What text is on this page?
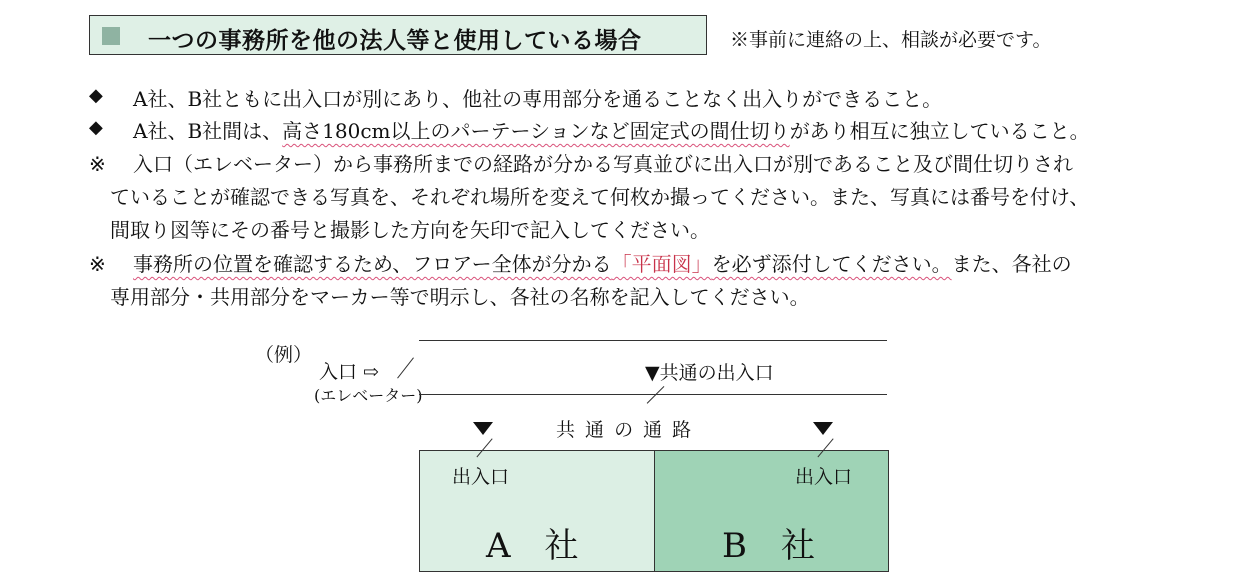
一つの事務所を他の法人等と使用している場合	※事前に連絡の上、相談が必要です。
◆ A社、B社ともに出入口が別にあり、他社の専用部分を通ることなく出入りができること。
◆ A社、B社間は、高さ180cm以上のパーテーションなど固定式の間仕切りがあり相互に独立していること。
※ 入口（エレベーター）から事務所までの経路が分かる写真並びに出入口が別であること及び間仕切りされ
ていることが確認できる写真を、それぞれ場所を変えて何枚か撮ってください。また、写真には番号を付け、
間取り図等にその番号と撮影した方向を矢印で記入してください。
※ 事務所の位置を確認するため、フロアー全体が分かる「平面図」を必ず添付してください。また、各社の
専用部分・共用部分をマーカー等で明示し、各社の名称を記入してください。
（例）
入口 ⇨
(エレベーター)
▼共通の出入口
共 通 の 通 路
出入口	出入口
A　社	B　社
